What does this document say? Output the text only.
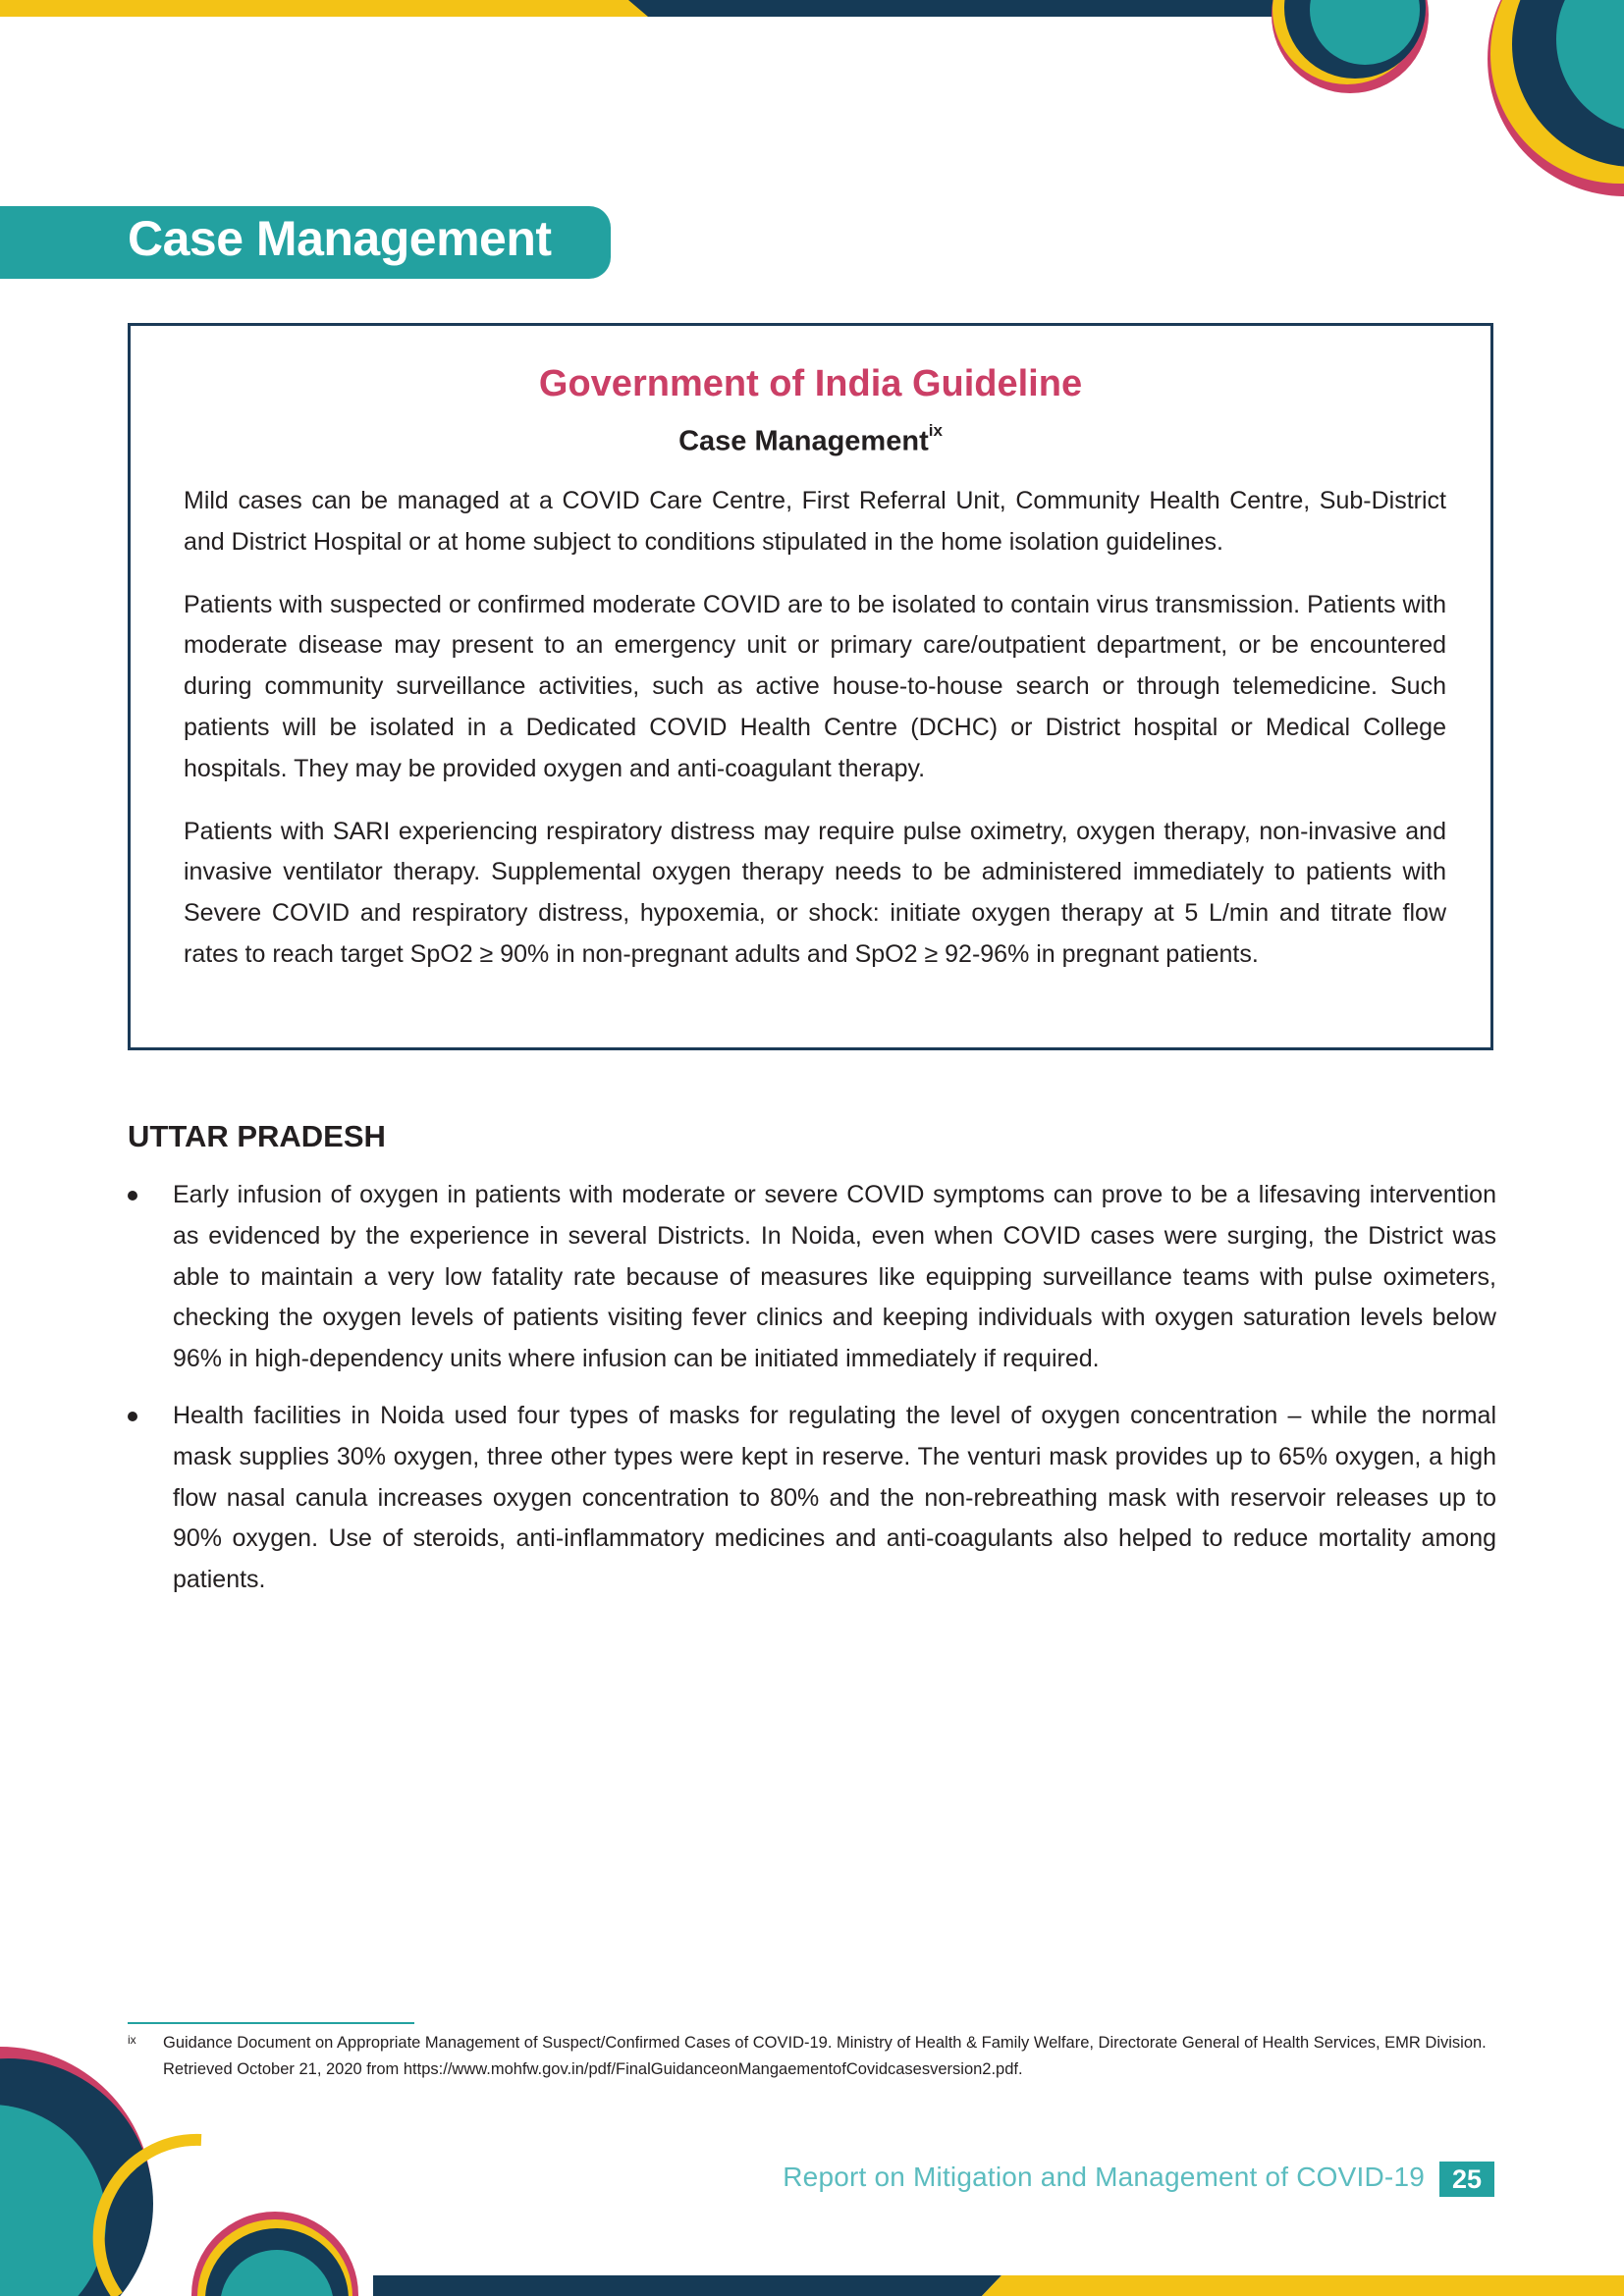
Case Management
Government of India Guideline
Case Management$^{ix}$

Mild cases can be managed at a COVID Care Centre, First Referral Unit, Community Health Centre, Sub-District and District Hospital or at home subject to conditions stipulated in the home isolation guidelines.

Patients with suspected or confirmed moderate COVID are to be isolated to contain virus transmission. Patients with moderate disease may present to an emergency unit or primary care/outpatient department, or be encountered during community surveillance activities, such as active house-to-house search or through telemedicine. Such patients will be isolated in a Dedicated COVID Health Centre (DCHC) or District hospital or Medical College hospitals. They may be provided oxygen and anti-coagulant therapy.

Patients with SARI experiencing respiratory distress may require pulse oximetry, oxygen therapy, non-invasive and invasive ventilator therapy. Supplemental oxygen therapy needs to be administered immediately to patients with Severe COVID and respiratory distress, hypoxemia, or shock: initiate oxygen therapy at 5 L/min and titrate flow rates to reach target SpO2 ≥ 90% in non-pregnant adults and SpO2 ≥ 92-96% in pregnant patients.

UTTAR PRADESH
Early infusion of oxygen in patients with moderate or severe COVID symptoms can prove to be a lifesaving intervention as evidenced by the experience in several Districts. In Noida, even when COVID cases were surging, the District was able to maintain a very low fatality rate because of measures like equipping surveillance teams with pulse oximeters, checking the oxygen levels of patients visiting fever clinics and keeping individuals with oxygen saturation levels below 96% in high-dependency units where infusion can be initiated immediately if required.
Health facilities in Noida used four types of masks for regulating the level of oxygen concentration – while the normal mask supplies 30% oxygen, three other types were kept in reserve. The venturi mask provides up to 65% oxygen, a high flow nasal canula increases oxygen concentration to 80% and the non-rebreathing mask with reservoir releases up to 90% oxygen. Use of steroids, anti-inflammatory medicines and anti-coagulants also helped to reduce mortality among patients.
ix Guidance Document on Appropriate Management of Suspect/Confirmed Cases of COVID-19. Ministry of Health & Family Welfare, Directorate General of Health Services, EMR Division. Retrieved October 21, 2020 from https://www.mohfw.gov.in/pdf/FinalGuidanceonMangaementofCovidcasesversion2.pdf.
Report on Mitigation and Management of COVID-19	25
